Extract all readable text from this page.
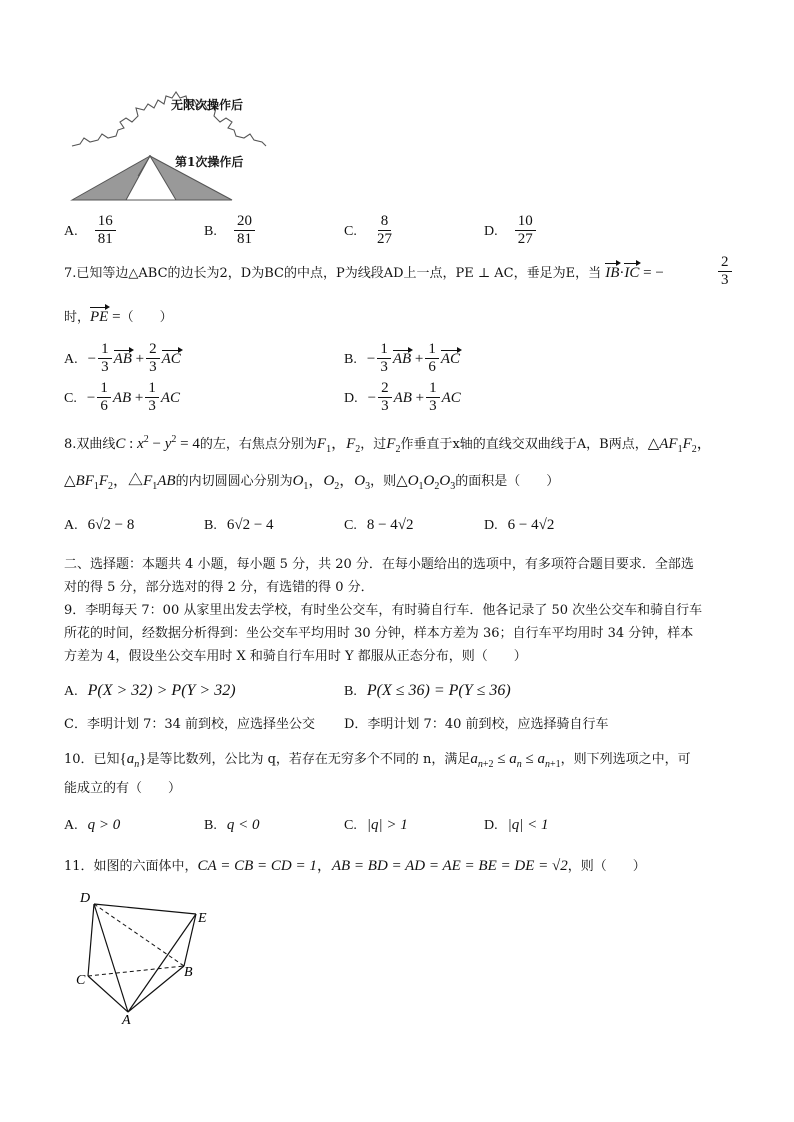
无限次操作后
第1次操作后
A. $\frac{16}{81}$	B. $\frac{20}{81}$	C. $\frac{8}{27}$	D. $\frac{10}{27}$
7.已知等边△ABC的边长为2，D为BC的中点，P为线段AD上一点，PE ⊥ AC，垂足为E，当 IB·IC = −	$\frac{2}{3}$
时，PE =（　　）
A. − $\frac{1}{3}$ AB + $\frac{2}{3}$ AC	B. − $\frac{1}{3}$ AB + $\frac{1}{6}$ AC
C. − $\frac{1}{6}$ AB + $\frac{1}{3}$ AC	D. − $\frac{2}{3}$ AB + $\frac{1}{3}$ AC
8.双曲线C : $x^2 - y^2 = 4$的左，右焦点分别为$F_1$，$F_2$，过$F_2$作垂直于x轴的直线交双曲线于A，B两点，$\triangle AF_1F_2$，
$\triangle BF_1F_2$，$\triangle F_1AB$的内切圆圆心分别为$O_1$，$O_2$，$O_3$，则$\triangle O_1O_2O_3$的面积是（　　）
A. 6√2 − 8	B. 6√2 − 4	C. 8 − 4√2	D. 6 − 4√2
二、选择题：本题共 4 小题，每小题 5 分，共 20 分．在每小题给出的选项中，有多项符合题目要求．全部选
对的得 5 分，部分选对的得 2 分，有选错的得 0 分．
9．李明每天 7：00 从家里出发去学校，有时坐公交车，有时骑自行车．他各记录了 50 次坐公交车和骑自行车
所花的时间，经数据分析得到：坐公交车平均用时 30 分钟，样本方差为 36；自行车平均用时 34 分钟，样本
方差为 4，假设坐公交车用时 X 和骑自行车用时 Y 都服从正态分布，则（　　）
A. P(X > 32) > P(Y > 32)	B. P(X ≤ 36) = P(Y ≤ 36)
C．李明计划 7：34 前到校，应选择坐公交 D．李明计划 7：40 前到校，应选择骑自行车
10．已知$\{a_n\}$是等比数列，公比为 q，若存在无穷多个不同的 n，满足$a_{n+2} \le a_n \le a_{n+1}$，则下列选项之中，可
能成立的有（　　）
A. q > 0	B. q < 0	C. |q| > 1	D. |q| < 1
11．如图的六面体中，CA = CB = CD = 1，AB = BD = AD = AE = BE = DE = √2，则（　　）
D
E
C
B
A
